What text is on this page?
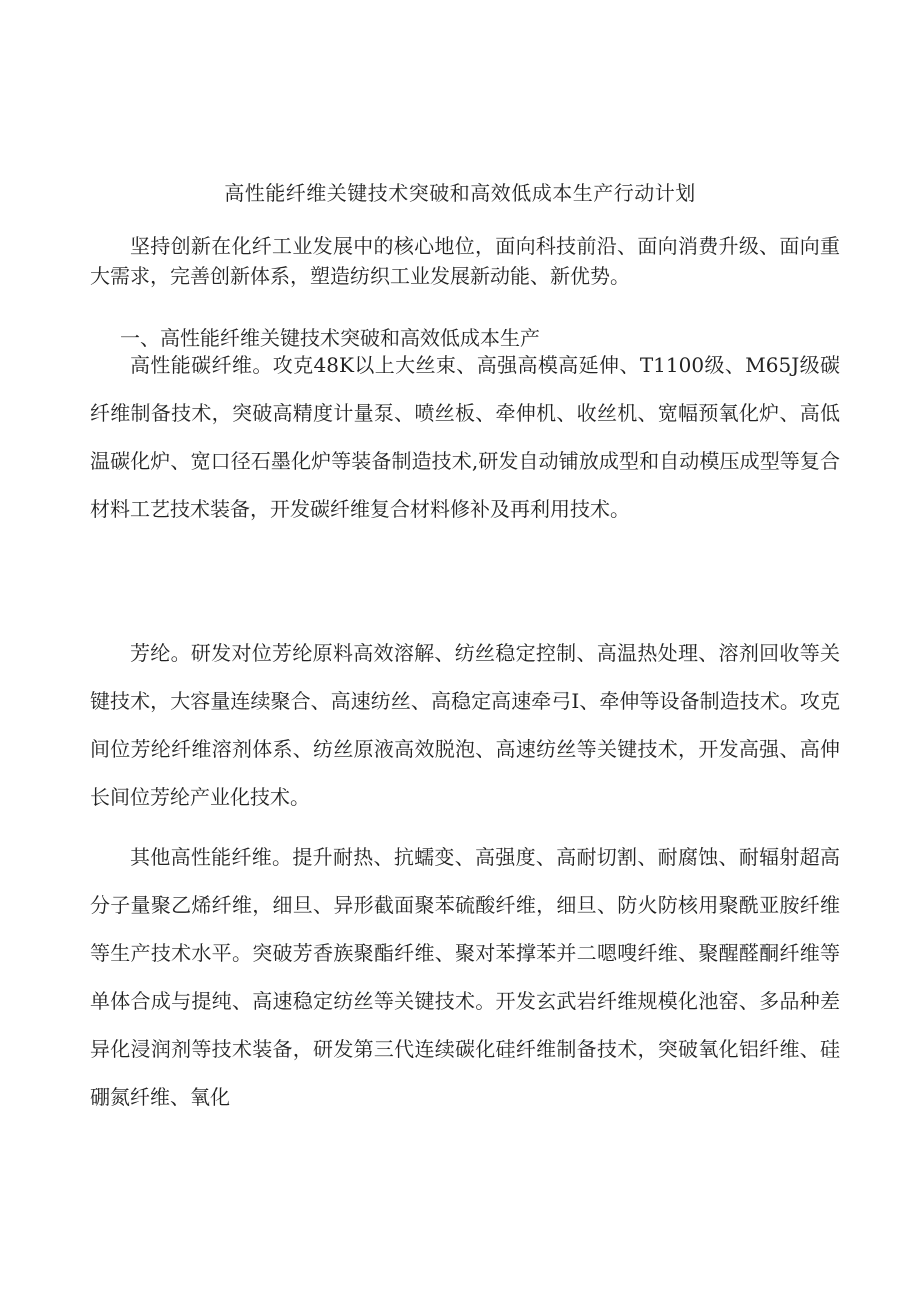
高性能纤维关键技术突破和高效低成本生产行动计划

坚持创新在化纤工业发展中的核心地位，面向科技前沿、面向消费升级、面向重大需求，完善创新体系，塑造纺织工业发展新动能、新优势。

一、高性能纤维关键技术突破和高效低成本生产

高性能碳纤维。攻克48K以上大丝束、高强高模高延伸、T1100级、M65J级碳纤维制备技术，突破高精度计量泵、喷丝板、牵伸机、收丝机、宽幅预氧化炉、高低温碳化炉、宽口径石墨化炉等装备制造技术,研发自动铺放成型和自动模压成型等复合材料工艺技术装备，开发碳纤维复合材料修补及再利用技术。

芳纶。研发对位芳纶原料高效溶解、纺丝稳定控制、高温热处理、溶剂回收等关键技术，大容量连续聚合、高速纺丝、高稳定高速牵弓I、牵伸等设备制造技术。攻克间位芳纶纤维溶剂体系、纺丝原液高效脱泡、高速纺丝等关键技术，开发高强、高伸长间位芳纶产业化技术。

其他高性能纤维。提升耐热、抗蠕变、高强度、高耐切割、耐腐蚀、耐辐射超高分子量聚乙烯纤维，细旦、异形截面聚苯硫酸纤维，细旦、防火防核用聚酰亚胺纤维等生产技术水平。突破芳香族聚酯纤维、聚对苯撑苯并二嗯嗖纤维、聚醒醛酮纤维等单体合成与提纯、高速稳定纺丝等关键技术。开发玄武岩纤维规模化池窑、多品种差异化浸润剂等技术装备，研发第三代连续碳化硅纤维制备技术，突破氧化铝纤维、硅硼氮纤维、氧化
